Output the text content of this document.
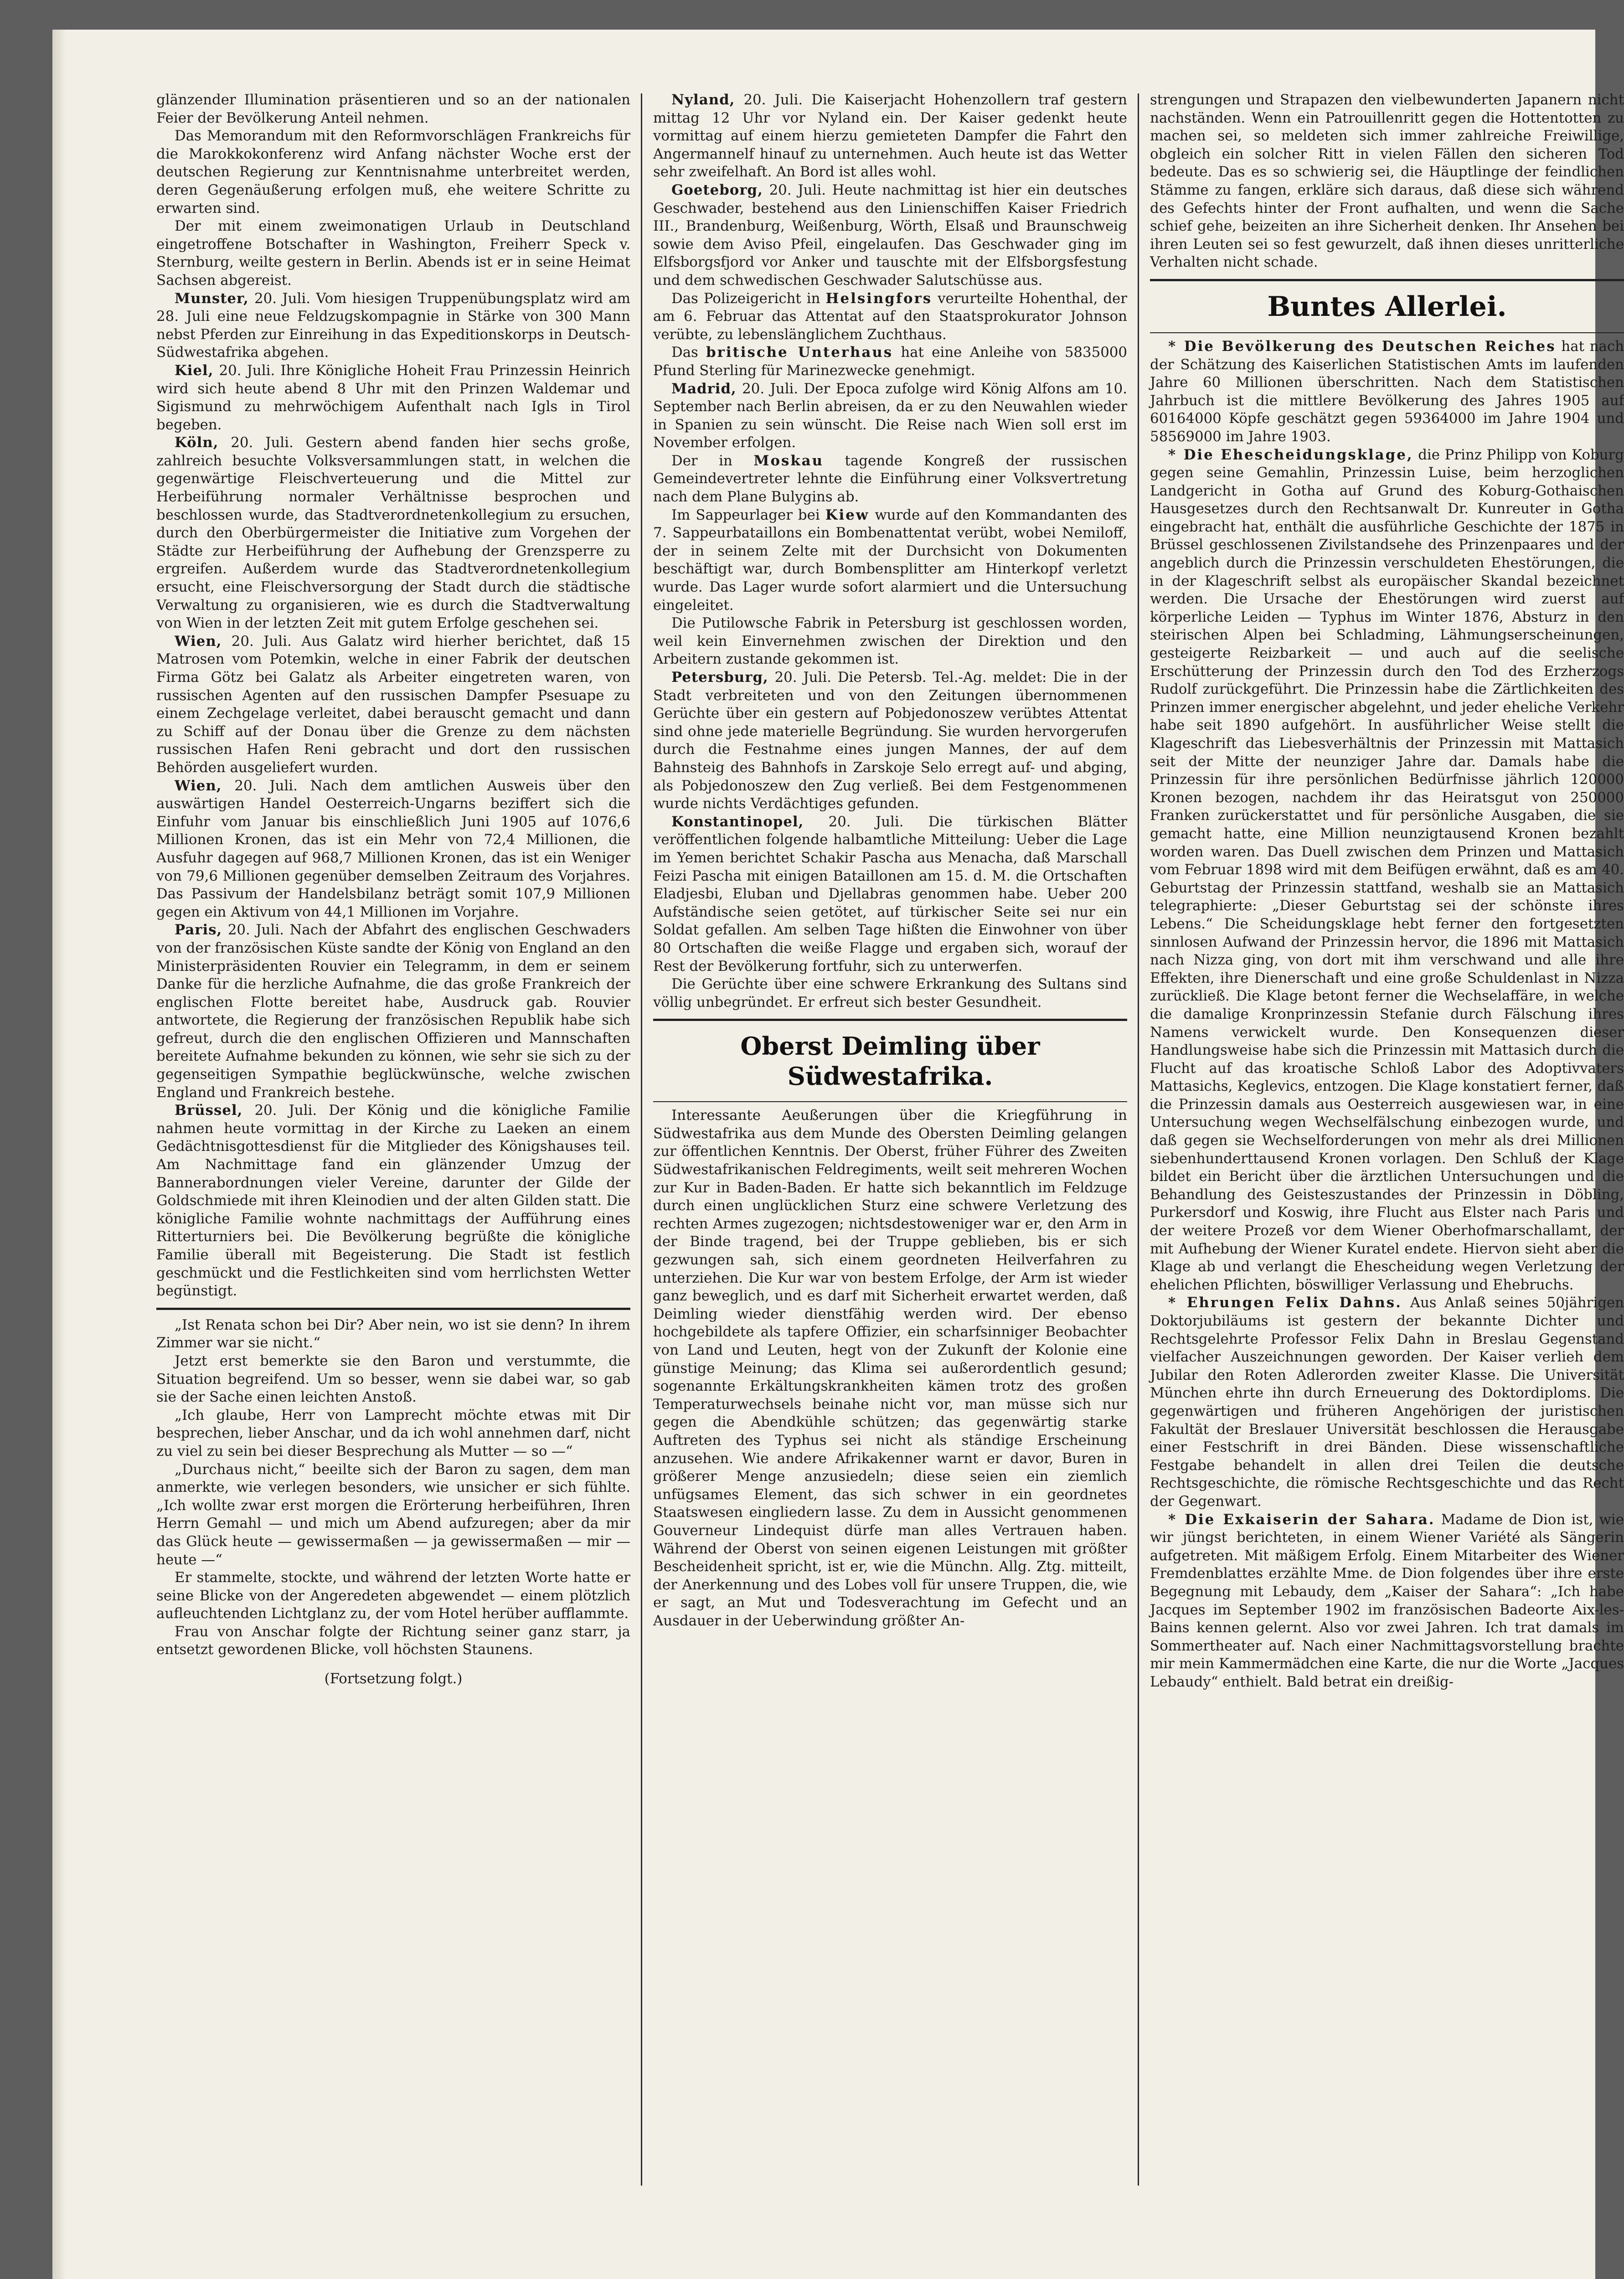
glänzender Illumination präsentieren und so an der nationalen Feier der Bevölkerung Anteil nehmen.

Das Memorandum mit den Reformvorschlägen Frankreichs für die Marokkokonferenz wird Anfang nächster Woche erst der deutschen Regierung zur Kenntnisnahme unterbreitet werden, deren Gegenäußerung erfolgen muß, ehe weitere Schritte zu erwarten sind.

Der mit einem zweimonatigen Urlaub in Deutschland eingetroffene Botschafter in Washington, Freiherr Speck v. Sternburg, weilte gestern in Berlin. Abends ist er in seine Heimat Sachsen abgereist.

Munster, 20. Juli. Vom hiesigen Truppenübungsplatz wird am 28. Juli eine neue Feldzugskompagnie in Stärke von 300 Mann nebst Pferden zur Einreihung in das Expeditionskorps in Deutsch-Südwestafrika abgehen.

Kiel, 20. Juli. Ihre Königliche Hoheit Frau Prinzessin Heinrich wird sich heute abend 8 Uhr mit den Prinzen Waldemar und Sigismund zu mehrwöchigem Aufenthalt nach Igls in Tirol begeben.

Köln, 20. Juli. Gestern abend fanden hier sechs große, zahlreich besuchte Volksversammlungen statt, in welchen die gegenwärtige Fleischverteuerung und die Mittel zur Herbeiführung normaler Verhältnisse besprochen und beschlossen wurde, das Stadtverordnetenkollegium zu ersuchen, durch den Oberbürgermeister die Initiative zum Vorgehen der Städte zur Herbeiführung der Aufhebung der Grenzsperre zu ergreifen. Außerdem wurde das Stadtverordnetenkollegium ersucht, eine Fleischversorgung der Stadt durch die städtische Verwaltung zu organisieren, wie es durch die Stadtverwaltung von Wien in der letzten Zeit mit gutem Erfolge geschehen sei.

Wien, 20. Juli. Aus Galatz wird hierher berichtet, daß 15 Matrosen vom Potemkin, welche in einer Fabrik der deutschen Firma Götz bei Galatz als Arbeiter eingetreten waren, von russischen Agenten auf den russischen Dampfer Psesuape zu einem Zechgelage verleitet, dabei berauscht gemacht und dann zu Schiff auf der Donau über die Grenze zu dem nächsten russischen Hafen Reni gebracht und dort den russischen Behörden ausgeliefert wurden.

Wien, 20. Juli. Nach dem amtlichen Ausweis über den auswärtigen Handel Oesterreich-Ungarns beziffert sich die Einfuhr vom Januar bis einschließlich Juni 1905 auf 1076,6 Millionen Kronen, das ist ein Mehr von 72,4 Millionen, die Ausfuhr dagegen auf 968,7 Millionen Kronen, das ist ein Weniger von 79,6 Millionen gegenüber demselben Zeitraum des Vorjahres. Das Passivum der Handelsbilanz beträgt somit 107,9 Millionen gegen ein Aktivum von 44,1 Millionen im Vorjahre.

Paris, 20. Juli. Nach der Abfahrt des englischen Geschwaders von der französischen Küste sandte der König von England an den Ministerpräsidenten Rouvier ein Telegramm, in dem er seinem Danke für die herzliche Aufnahme, die das große Frankreich der englischen Flotte bereitet habe, Ausdruck gab. Rouvier antwortete, die Regierung der französischen Republik habe sich gefreut, durch die den englischen Offizieren und Mannschaften bereitete Aufnahme bekunden zu können, wie sehr sie sich zu der gegenseitigen Sympathie beglückwünsche, welche zwischen England und Frankreich bestehe.

Brüssel, 20. Juli. Der König und die königliche Familie nahmen heute vormittag in der Kirche zu Laeken an einem Gedächtnisgottesdienst für die Mitglieder des Königshauses teil. Am Nachmittage fand ein glänzender Umzug der Bannerabordnungen vieler Vereine, darunter der Gilde der Goldschmiede mit ihren Kleinodien und der alten Gilden statt. Die königliche Familie wohnte nachmittags der Aufführung eines Ritterturniers bei. Die Bevölkerung begrüßte die königliche Familie überall mit Begeisterung. Die Stadt ist festlich geschmückt und die Festlichkeiten sind vom herrlichsten Wetter begünstigt.

„Ist Renata schon bei Dir? Aber nein, wo ist sie denn? In ihrem Zimmer war sie nicht.“

Jetzt erst bemerkte sie den Baron und verstummte, die Situation begreifend. Um so besser, wenn sie dabei war, so gab sie der Sache einen leichten Anstoß.

„Ich glaube, Herr von Lamprecht möchte etwas mit Dir besprechen, lieber Anschar, und da ich wohl annehmen darf, nicht zu viel zu sein bei dieser Besprechung als Mutter — so —“

„Durchaus nicht,“ beeilte sich der Baron zu sagen, dem man anmerkte, wie verlegen besonders, wie unsicher er sich fühlte. „Ich wollte zwar erst morgen die Erörterung herbeiführen, Ihren Herrn Gemahl — und mich um Abend aufzuregen; aber da mir das Glück heute — gewissermaßen — ja gewissermaßen — mir — heute —“

Er stammelte, stockte, und während der letzten Worte hatte er seine Blicke von der Angeredeten abgewendet — einem plötzlich aufleuchtenden Lichtglanz zu, der vom Hotel herüber aufflammte.

Frau von Anschar folgte der Richtung seiner ganz starr, ja entsetzt gewordenen Blicke, voll höchsten Staunens.

(Fortsetzung folgt.)

Nyland, 20. Juli. Die Kaiserjacht Hohenzollern traf gestern mittag 12 Uhr vor Nyland ein. Der Kaiser gedenkt heute vormittag auf einem hierzu gemieteten Dampfer die Fahrt den Angermannelf hinauf zu unternehmen. Auch heute ist das Wetter sehr zweifelhaft. An Bord ist alles wohl.

Goeteborg, 20. Juli. Heute nachmittag ist hier ein deutsches Geschwader, bestehend aus den Linienschiffen Kaiser Friedrich III., Brandenburg, Weißenburg, Wörth, Elsaß und Braunschweig sowie dem Aviso Pfeil, eingelaufen. Das Geschwader ging im Elfsborgsfjord vor Anker und tauschte mit der Elfsborgsfestung und dem schwedischen Geschwader Salutschüsse aus.

Das Polizeigericht in Helsingfors verurteilte Hohenthal, der am 6. Februar das Attentat auf den Staatsprokurator Johnson verübte, zu lebenslänglichem Zuchthaus.

Das britische Unterhaus hat eine Anleihe von 5835000 Pfund Sterling für Marinezwecke genehmigt.

Madrid, 20. Juli. Der Epoca zufolge wird König Alfons am 10. September nach Berlin abreisen, da er zu den Neuwahlen wieder in Spanien zu sein wünscht. Die Reise nach Wien soll erst im November erfolgen.

Der in Moskau tagende Kongreß der russischen Gemeindevertreter lehnte die Einführung einer Volksvertretung nach dem Plane Bulygins ab.

Im Sappeurlager bei Kiew wurde auf den Kommandanten des 7. Sappeurbataillons ein Bombenattentat verübt, wobei Nemiloff, der in seinem Zelte mit der Durchsicht von Dokumenten beschäftigt war, durch Bombensplitter am Hinterkopf verletzt wurde. Das Lager wurde sofort alarmiert und die Untersuchung eingeleitet.

Die Putilowsche Fabrik in Petersburg ist geschlossen worden, weil kein Einvernehmen zwischen der Direktion und den Arbeitern zustande gekommen ist.

Petersburg, 20. Juli. Die Petersb. Tel.-Ag. meldet: Die in der Stadt verbreiteten und von den Zeitungen übernommenen Gerüchte über ein gestern auf Pobjedonoszew verübtes Attentat sind ohne jede materielle Begründung. Sie wurden hervorgerufen durch die Festnahme eines jungen Mannes, der auf dem Bahnsteig des Bahnhofs in Zarskoje Selo erregt auf- und abging, als Pobjedonoszew den Zug verließ. Bei dem Festgenommenen wurde nichts Verdächtiges gefunden.

Konstantinopel, 20. Juli. Die türkischen Blätter veröffentlichen folgende halbamtliche Mitteilung: Ueber die Lage im Yemen berichtet Schakir Pascha aus Menacha, daß Marschall Feizi Pascha mit einigen Bataillonen am 15. d. M. die Ortschaften Eladjesbi, Eluban und Djellabras genommen habe. Ueber 200 Aufständische seien getötet, auf türkischer Seite sei nur ein Soldat gefallen. Am selben Tage hißten die Einwohner von über 80 Ortschaften die weiße Flagge und ergaben sich, worauf der Rest der Bevölkerung fortfuhr, sich zu unterwerfen.

Die Gerüchte über eine schwere Erkrankung des Sultans sind völlig unbegründet. Er erfreut sich bester Gesundheit.

Oberst Deimling über Südwestafrika.

Interessante Aeußerungen über die Kriegführung in Südwestafrika aus dem Munde des Obersten Deimling gelangen zur öffentlichen Kenntnis. Der Oberst, früher Führer des Zweiten Südwestafrikanischen Feldregiments, weilt seit mehreren Wochen zur Kur in Baden-Baden. Er hatte sich bekanntlich im Feldzuge durch einen unglücklichen Sturz eine schwere Verletzung des rechten Armes zugezogen; nichtsdestoweniger war er, den Arm in der Binde tragend, bei der Truppe geblieben, bis er sich gezwungen sah, sich einem geordneten Heilverfahren zu unterziehen. Die Kur war von bestem Erfolge, der Arm ist wieder ganz beweglich, und es darf mit Sicherheit erwartet werden, daß Deimling wieder dienstfähig werden wird. Der ebenso hochgebildete als tapfere Offizier, ein scharfsinniger Beobachter von Land und Leuten, hegt von der Zukunft der Kolonie eine günstige Meinung; das Klima sei außerordentlich gesund; sogenannte Erkältungskrankheiten kämen trotz des großen Temperaturwechsels beinahe nicht vor, man müsse sich nur gegen die Abendkühle schützen; das gegenwärtig starke Auftreten des Typhus sei nicht als ständige Erscheinung anzusehen. Wie andere Afrikakenner warnt er davor, Buren in größerer Menge anzusiedeln; diese seien ein ziemlich unfügsames Element, das sich schwer in ein geordnetes Staatswesen eingliedern lasse. Zu dem in Aussicht genommenen Gouverneur Lindequist dürfe man alles Vertrauen haben. Während der Oberst von seinen eigenen Leistungen mit größter Bescheidenheit spricht, ist er, wie die Münchn. Allg. Ztg. mitteilt, der Anerkennung und des Lobes voll für unsere Truppen, die, wie er sagt, an Mut und Todesverachtung im Gefecht und an Ausdauer in der Ueberwindung größter An-

strengungen und Strapazen den vielbewunderten Japanern nicht nachständen. Wenn ein Patrouillenritt gegen die Hottentotten zu machen sei, so meldeten sich immer zahlreiche Freiwillige, obgleich ein solcher Ritt in vielen Fällen den sicheren Tod bedeute. Das es so schwierig sei, die Häuptlinge der feindlichen Stämme zu fangen, erkläre sich daraus, daß diese sich während des Gefechts hinter der Front aufhalten, und wenn die Sache schief gehe, beizeiten an ihre Sicherheit denken. Ihr Ansehen bei ihren Leuten sei so fest gewurzelt, daß ihnen dieses unritterliche Verhalten nicht schade.

Buntes Allerlei.

* Die Bevölkerung des Deutschen Reiches hat nach der Schätzung des Kaiserlichen Statistischen Amts im laufenden Jahre 60 Millionen überschritten. Nach dem Statistischen Jahrbuch ist die mittlere Bevölkerung des Jahres 1905 auf 60164000 Köpfe geschätzt gegen 59364000 im Jahre 1904 und 58569000 im Jahre 1903.

* Die Ehescheidungsklage, die Prinz Philipp von Koburg gegen seine Gemahlin, Prinzessin Luise, beim herzoglichen Landgericht in Gotha auf Grund des Koburg-Gothaischen Hausgesetzes durch den Rechtsanwalt Dr. Kunreuter in Gotha eingebracht hat, enthält die ausführliche Geschichte der 1875 in Brüssel geschlossenen Zivilstandsehe des Prinzenpaares und der angeblich durch die Prinzessin verschuldeten Ehestörungen, die in der Klageschrift selbst als europäischer Skandal bezeichnet werden. Die Ursache der Ehestörungen wird zuerst auf körperliche Leiden — Typhus im Winter 1876, Absturz in den steirischen Alpen bei Schladming, Lähmungserscheinungen, gesteigerte Reizbarkeit — und auch auf die seelische Erschütterung der Prinzessin durch den Tod des Erzherzogs Rudolf zurückgeführt. Die Prinzessin habe die Zärtlichkeiten des Prinzen immer energischer abgelehnt, und jeder eheliche Verkehr habe seit 1890 aufgehört. In ausführlicher Weise stellt die Klageschrift das Liebesverhältnis der Prinzessin mit Mattasich seit der Mitte der neunziger Jahre dar. Damals habe die Prinzessin für ihre persönlichen Bedürfnisse jährlich 120000 Kronen bezogen, nachdem ihr das Heiratsgut von 250000 Franken zurückerstattet und für persönliche Ausgaben, die sie gemacht hatte, eine Million neunzigtausend Kronen bezahlt worden waren. Das Duell zwischen dem Prinzen und Mattasich vom Februar 1898 wird mit dem Beifügen erwähnt, daß es am 40. Geburtstag der Prinzessin stattfand, weshalb sie an Mattasich telegraphierte: „Dieser Geburtstag sei der schönste ihres Lebens.“ Die Scheidungsklage hebt ferner den fortgesetzten sinnlosen Aufwand der Prinzessin hervor, die 1896 mit Mattasich nach Nizza ging, von dort mit ihm verschwand und alle ihre Effekten, ihre Dienerschaft und eine große Schuldenlast in Nizza zurückließ. Die Klage betont ferner die Wechselaffäre, in welche die damalige Kronprinzessin Stefanie durch Fälschung ihres Namens verwickelt wurde. Den Konsequenzen dieser Handlungsweise habe sich die Prinzessin mit Mattasich durch die Flucht auf das kroatische Schloß Labor des Adoptivvaters Mattasichs, Keglevics, entzogen. Die Klage konstatiert ferner, daß die Prinzessin damals aus Oesterreich ausgewiesen war, in eine Untersuchung wegen Wechselfälschung einbezogen wurde, und daß gegen sie Wechselforderungen von mehr als drei Millionen siebenhunderttausend Kronen vorlagen. Den Schluß der Klage bildet ein Bericht über die ärztlichen Untersuchungen und die Behandlung des Geisteszustandes der Prinzessin in Döbling, Purkersdorf und Koswig, ihre Flucht aus Elster nach Paris und der weitere Prozeß vor dem Wiener Oberhofmarschallamt, der mit Aufhebung der Wiener Kuratel endete. Hiervon sieht aber die Klage ab und verlangt die Ehescheidung wegen Verletzung der ehelichen Pflichten, böswilliger Verlassung und Ehebruchs.

* Ehrungen Felix Dahns. Aus Anlaß seines 50jährigen Doktorjubiläums ist gestern der bekannte Dichter und Rechtsgelehrte Professor Felix Dahn in Breslau Gegenstand vielfacher Auszeichnungen geworden. Der Kaiser verlieh dem Jubilar den Roten Adlerorden zweiter Klasse. Die Universität München ehrte ihn durch Erneuerung des Doktordiploms. Die gegenwärtigen und früheren Angehörigen der juristischen Fakultät der Breslauer Universität beschlossen die Herausgabe einer Festschrift in drei Bänden. Diese wissenschaftliche Festgabe behandelt in allen drei Teilen die deutsche Rechtsgeschichte, die römische Rechtsgeschichte und das Recht der Gegenwart.

* Die Exkaiserin der Sahara. Madame de Dion ist, wie wir jüngst berichteten, in einem Wiener Variété als Sängerin aufgetreten. Mit mäßigem Erfolg. Einem Mitarbeiter des Wiener Fremdenblattes erzählte Mme. de Dion folgendes über ihre erste Begegnung mit Lebaudy, dem „Kaiser der Sahara“: „Ich habe Jacques im September 1902 im französischen Badeorte Aix-les-Bains kennen gelernt. Also vor zwei Jahren. Ich trat damals im Sommertheater auf. Nach einer Nachmittagsvorstellung brachte mir mein Kammermädchen eine Karte, die nur die Worte „Jacques Lebaudy“ enthielt. Bald betrat ein dreißig-
